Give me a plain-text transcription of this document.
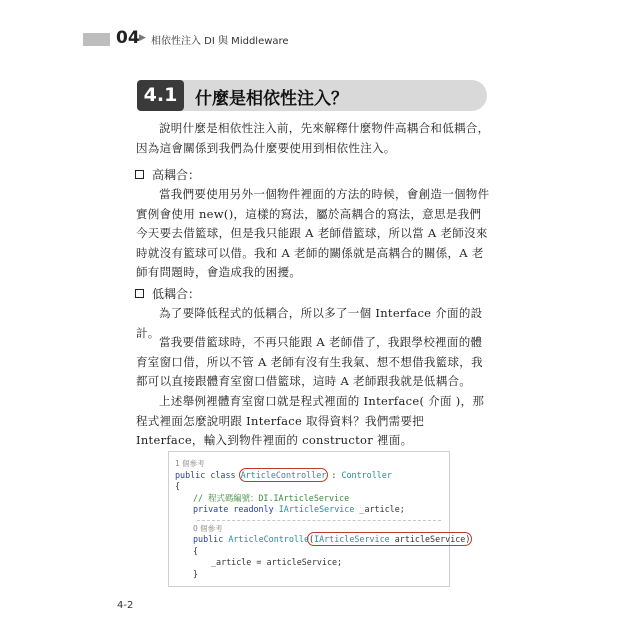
04 ▶ 相依性注入 DI 與 Middleware
4.1	什麼是相依性注入？

說明什麼是相依性注入前，先來解釋什麼物件高耦合和低耦合，因為這會關係到我們為什麼要使用到相依性注入。

高耦合：

當我們要使用另外一個物件裡面的方法的時候，會創造一個物件實例會使用 new()，這樣的寫法，屬於高耦合的寫法，意思是我們今天要去借籃球，但是我只能跟 A 老師借籃球，所以當 A 老師沒來時就沒有籃球可以借。我和 A 老師的關係就是高耦合的關係，A 老師有問題時，會造成我的困擾。

低耦合：

為了要降低程式的低耦合，所以多了一個 Interface 介面的設計。

當我要借籃球時，不再只能跟 A 老師借了，我跟學校裡面的體育室窗口借，所以不管 A 老師有沒有生我氣、想不想借我籃球，我都可以直接跟體育室窗口借籃球，這時 A 老師跟我就是低耦合。

上述舉例裡體育室窗口就是程式裡面的 Interface( 介面 )，那程式裡面怎麼說明跟 Interface 取得資料？我們需要把 Interface，輸入到物件裡面的 constructor 裡面。

1 個參考
public class ArticleController : Controller
{
// 程式碼編號：DI.IArticleService
private readonly IArticleService _article;
0 個參考
public ArticleControlle(IArticleService articleService)
{
_article = articleService;
}
4-2
